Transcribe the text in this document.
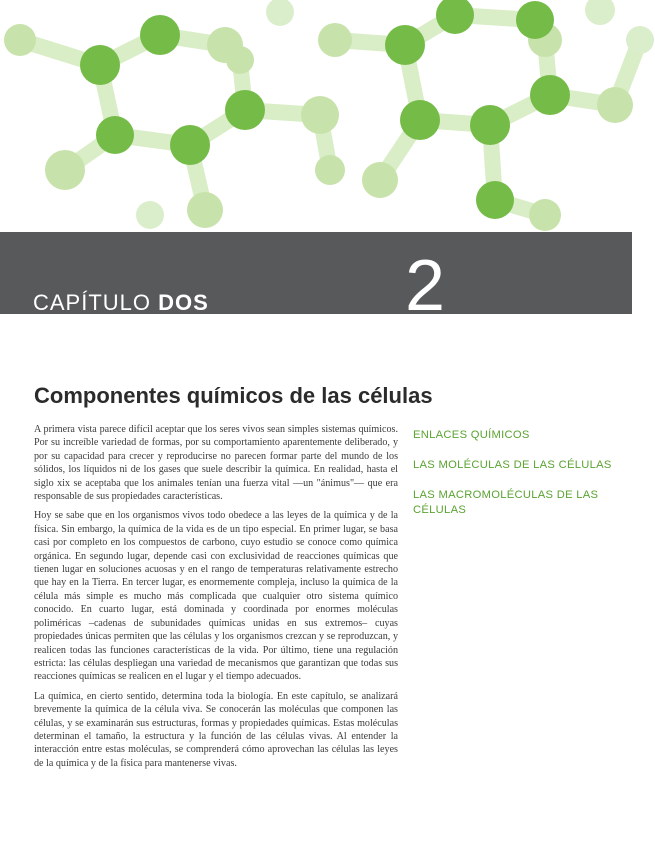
CAPÍTULO DOS	2
Componentes químicos de las células

A primera vista parece difícil aceptar que los seres vivos sean simples sistemas químicos. Por su increíble variedad de formas, por su comportamiento aparentemente deliberado, y por su capacidad para crecer y reproducirse no parecen formar parte del mundo de los sólidos, los líquidos ni de los gases que suele describir la química. En realidad, hasta el siglo xix se aceptaba que los animales tenían una fuerza vital —un "ánimus"— que era responsable de sus propiedades características.

Hoy se sabe que en los organismos vivos todo obedece a las leyes de la química y de la física. Sin embargo, la química de la vida es de un tipo especial. En primer lugar, se basa casi por completo en los compuestos de carbono, cuyo estudio se conoce como química orgánica. En segundo lugar, depende casi con exclusividad de reacciones químicas que tienen lugar en soluciones acuosas y en el rango de temperaturas relativamente estrecho que hay en la Tierra. En tercer lugar, es enormemente compleja, incluso la química de la célula más simple es mucho más complicada que cualquier otro sistema químico conocido. En cuarto lugar, está dominada y coordinada por enormes moléculas poliméricas –cadenas de subunidades químicas unidas en sus extremos– cuyas propiedades únicas permiten que las células y los organismos crezcan y se reproduzcan, y realicen todas las funciones características de la vida. Por último, tiene una regulación estricta: las células despliegan una variedad de mecanismos que garantizan que todas sus reacciones químicas se realicen en el lugar y el tiempo adecuados.

La química, en cierto sentido, determina toda la biología. En este capítulo, se analizará brevemente la química de la célula viva. Se conocerán las moléculas que componen las células, y se examinarán sus estructuras, formas y propiedades químicas. Estas moléculas determinan el tamaño, la estructura y la función de las células vivas. Al entender la interacción entre estas moléculas, se comprenderá cómo aprovechan las células las leyes de la química y de la física para mantenerse vivas.

ENLACES QUÍMICOS
LAS MOLÉCULAS DE LAS CÉLULAS
LAS MACROMOLÉCULAS DE LAS CÉLULAS
